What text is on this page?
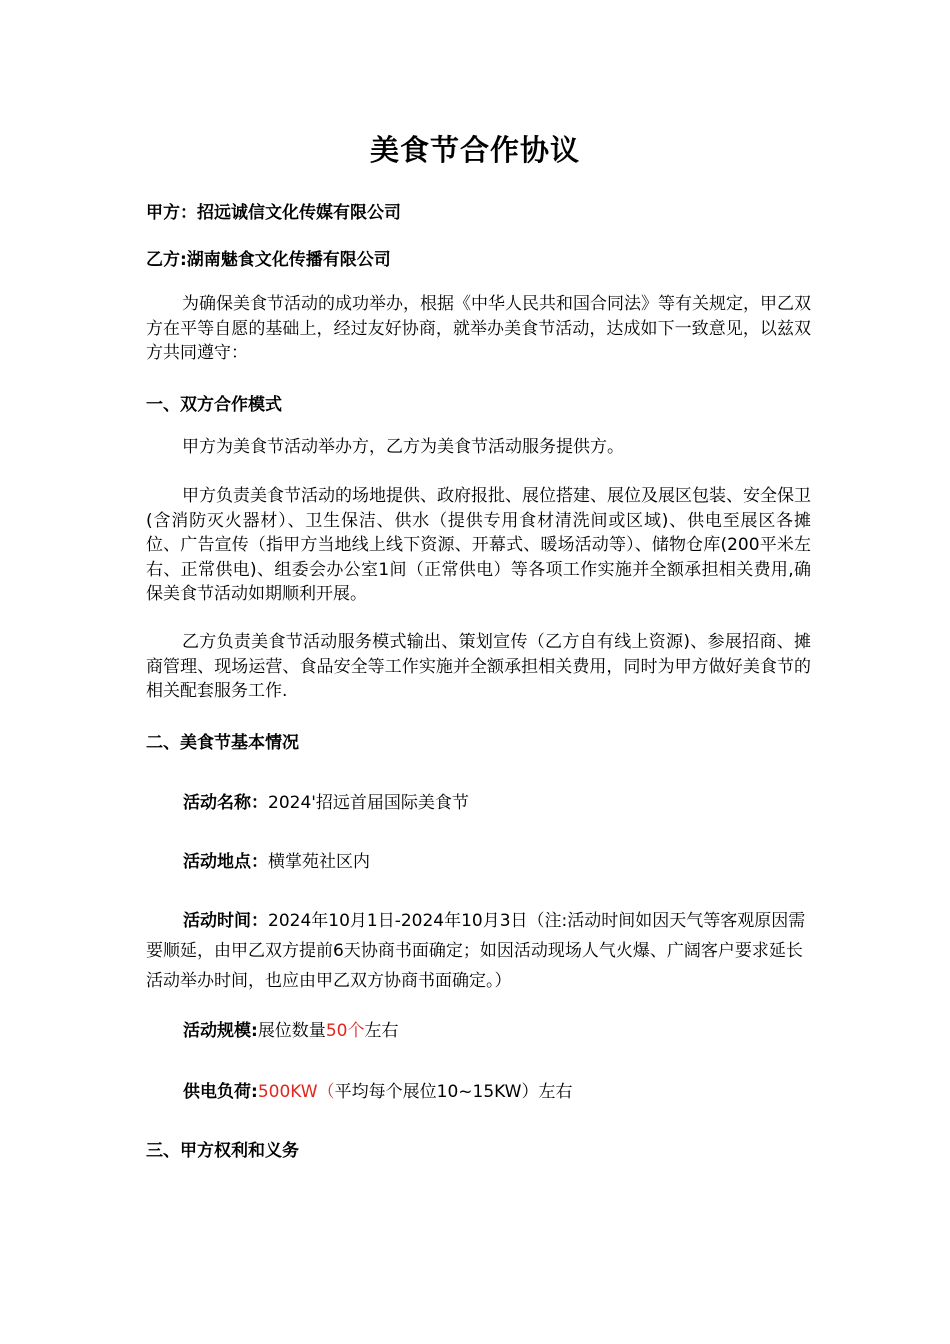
美食节合作协议
甲方：招远诚信文化传媒有限公司
乙方:湖南魅食文化传播有限公司
为确保美食节活动的成功举办，根据《中华人民共和国合同法》等有关规定，甲乙双方在平等自愿的基础上，经过友好协商，就举办美食节活动，达成如下一致意见，以兹双方共同遵守：
一、双方合作模式
甲方为美食节活动举办方，乙方为美食节活动服务提供方。
甲方负责美食节活动的场地提供、政府报批、展位搭建、展位及展区包装、安全保卫(含消防灭火器材）、卫生保洁、供水（提供专用食材清洗间或区域)、供电至展区各摊位、广告宣传（指甲方当地线上线下资源、开幕式、暖场活动等）、储物仓库(200平米左右、正常供电)、组委会办公室1间（正常供电）等各项工作实施并全额承担相关费用,确保美食节活动如期顺利开展。
乙方负责美食节活动服务模式输出、策划宣传（乙方自有线上资源)、参展招商、摊商管理、现场运营、食品安全等工作实施并全额承担相关费用，同时为甲方做好美食节的相关配套服务工作.
二、美食节基本情况
活动名称：2024'招远首届国际美食节
活动地点：横掌苑社区内
活动时间：2024年10月1日-2024年10月3日（注:活动时间如因天气等客观原因需要顺延，由甲乙双方提前6天协商书面确定；如因活动现场人气火爆、广阔客户要求延长活动举办时间，也应由甲乙双方协商书面确定。）
活动规模:展位数量50个左右
供电负荷:500KW（平均每个展位10~15KW）左右
三、甲方权利和义务
